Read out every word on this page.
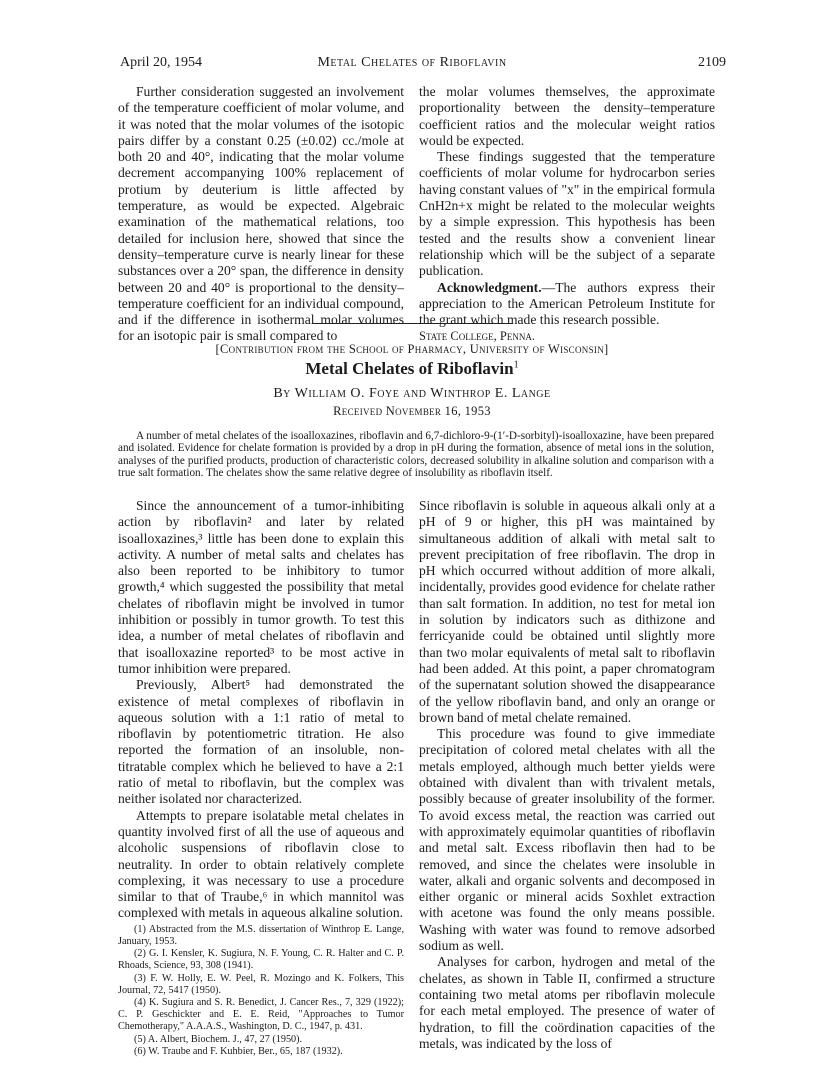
April 20, 1954	Metal Chelates of Riboflavin	2109

Further consideration suggested an involvement of the temperature coefficient of molar volume, and it was noted that the molar volumes of the isotopic pairs differ by a constant 0.25 (±0.02) cc./mole at both 20 and 40°, indicating that the molar volume decrement accompanying 100% replacement of protium by deuterium is little affected by temperature, as would be expected. Algebraic examination of the mathematical relations, too detailed for inclusion here, showed that since the density–temperature curve is nearly linear for these substances over a 20° span, the difference in density between 20 and 40° is proportional to the density–temperature coefficient for an individual compound, and if the difference in isothermal molar volumes for an isotopic pair is small compared to

the molar volumes themselves, the approximate proportionality between the density–temperature coefficient ratios and the molecular weight ratios would be expected.

These findings suggested that the temperature coefficients of molar volume for hydrocarbon series having constant values of "x" in the empirical formula CnH2n+x might be related to the molecular weights by a simple expression. This hypothesis has been tested and the results show a convenient linear relationship which will be the subject of a separate publication.

Acknowledgment.—The authors express their appreciation to the American Petroleum Institute for the grant which made this research possible.

State College, Penna.

[Contribution from the School of Pharmacy, University of Wisconsin]
Metal Chelates of Riboflavin$^1$
By William O. Foye and Winthrop E. Lange
Received November 16, 1953

A number of metal chelates of the isoalloxazines, riboflavin and 6,7-dichloro-9-(1′-D-sorbityl)-isoalloxazine, have been prepared and isolated. Evidence for chelate formation is provided by a drop in pH during the formation, absence of metal ions in the solution, analyses of the purified products, production of characteristic colors, decreased solubility in alkaline solution and comparison with a true salt formation. The chelates show the same relative degree of insolubility as riboflavin itself.

Since the announcement of a tumor-inhibiting action by riboflavin² and later by related isoalloxazines,³ little has been done to explain this activity. A number of metal salts and chelates has also been reported to be inhibitory to tumor growth,⁴ which suggested the possibility that metal chelates of riboflavin might be involved in tumor inhibition or possibly in tumor growth. To test this idea, a number of metal chelates of riboflavin and that isoalloxazine reported³ to be most active in tumor inhibition were prepared.

Previously, Albert⁵ had demonstrated the existence of metal complexes of riboflavin in aqueous solution with a 1:1 ratio of metal to riboflavin by potentiometric titration. He also reported the formation of an insoluble, non-titratable complex which he believed to have a 2:1 ratio of metal to riboflavin, but the complex was neither isolated nor characterized.

Attempts to prepare isolatable metal chelates in quantity involved first of all the use of aqueous and alcoholic suspensions of riboflavin close to neutrality. In order to obtain relatively complete complexing, it was necessary to use a procedure similar to that of Traube,⁶ in which mannitol was complexed with metals in aqueous alkaline solution.

(1) Abstracted from the M.S. dissertation of Winthrop E. Lange, January, 1953.

(2) G. I. Kensler, K. Sugiura, N. F. Young, C. R. Halter and C. P. Rhoads, Science, 93, 308 (1941).

(3) F. W. Holly, E. W. Peel, R. Mozingo and K. Folkers, This Journal, 72, 5417 (1950).

(4) K. Sugiura and S. R. Benedict, J. Cancer Res., 7, 329 (1922); C. P. Geschickter and E. E. Reid, "Approaches to Tumor Chemotherapy," A.A.A.S., Washington, D. C., 1947, p. 431.

(5) A. Albert, Biochem. J., 47, 27 (1950).

(6) W. Traube and F. Kuhbier, Ber., 65, 187 (1932).

Since riboflavin is soluble in aqueous alkali only at a pH of 9 or higher, this pH was maintained by simultaneous addition of alkali with metal salt to prevent precipitation of free riboflavin. The drop in pH which occurred without addition of more alkali, incidentally, provides good evidence for chelate rather than salt formation. In addition, no test for metal ion in solution by indicators such as dithizone and ferricyanide could be obtained until slightly more than two molar equivalents of metal salt to riboflavin had been added. At this point, a paper chromatogram of the supernatant solution showed the disappearance of the yellow riboflavin band, and only an orange or brown band of metal chelate remained.

This procedure was found to give immediate precipitation of colored metal chelates with all the metals employed, although much better yields were obtained with divalent than with trivalent metals, possibly because of greater insolubility of the former. To avoid excess metal, the reaction was carried out with approximately equimolar quantities of riboflavin and metal salt. Excess riboflavin then had to be removed, and since the chelates were insoluble in water, alkali and organic solvents and decomposed in either organic or mineral acids Soxhlet extraction with acetone was found the only means possible. Washing with water was found to remove adsorbed sodium as well.

Analyses for carbon, hydrogen and metal of the chelates, as shown in Table II, confirmed a structure containing two metal atoms per riboflavin molecule for each metal employed. The presence of water of hydration, to fill the coördination capacities of the metals, was indicated by the loss of
